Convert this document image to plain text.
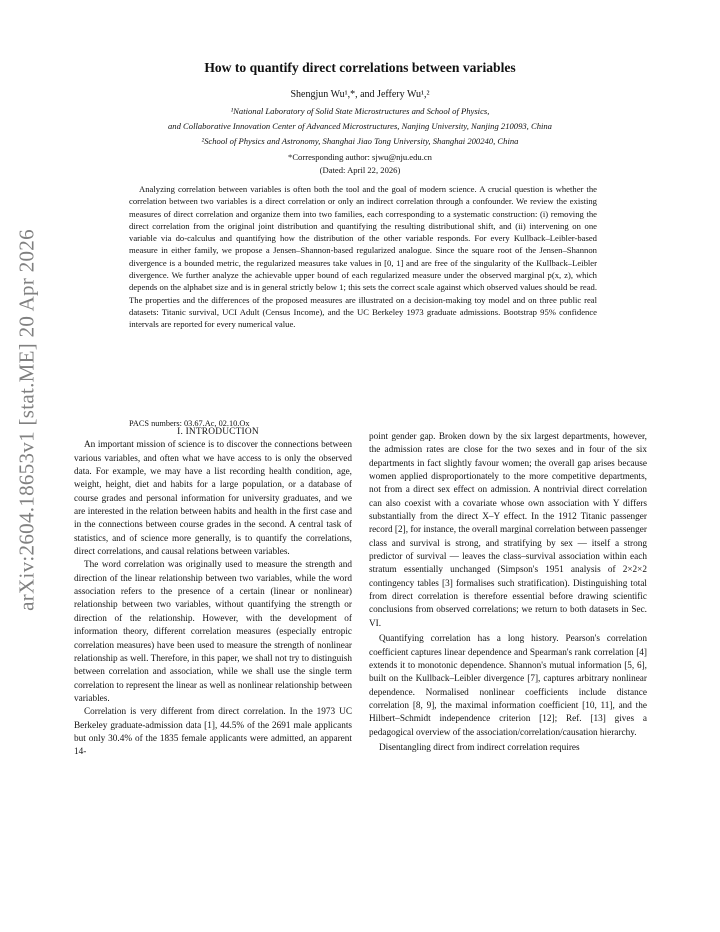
arXiv:2604.18653v1 [stat.ME] 20 Apr 2026
How to quantify direct correlations between variables
Shengjun Wu¹,*, and Jeffery Wu¹,²
¹National Laboratory of Solid State Microstructures and School of Physics,
and Collaborative Innovation Center of Advanced Microstructures, Nanjing University, Nanjing 210093, China
²School of Physics and Astronomy, Shanghai Jiao Tong University, Shanghai 200240, China
*Corresponding author: sjwu@nju.edu.cn
(Dated: April 22, 2026)

Analyzing correlation between variables is often both the tool and the goal of modern science. A crucial question is whether the correlation between two variables is a direct correlation or only an indirect correlation through a confounder. We review the existing measures of direct correlation and organize them into two families, each corresponding to a systematic construction: (i) removing the direct correlation from the original joint distribution and quantifying the resulting distributional shift, and (ii) intervening on one variable via do-calculus and quantifying how the distribution of the other variable responds. For every Kullback–Leibler-based measure in either family, we propose a Jensen–Shannon-based regularized analogue. Since the square root of the Jensen–Shannon divergence is a bounded metric, the regularized measures take values in [0, 1] and are free of the singularity of the Kullback–Leibler divergence. We further analyze the achievable upper bound of each regularized measure under the observed marginal p(x, z), which depends on the alphabet size and is in general strictly below 1; this sets the correct scale against which observed values should be read. The properties and the differences of the proposed measures are illustrated on a decision-making toy model and on three public real datasets: Titanic survival, UCI Adult (Census Income), and the UC Berkeley 1973 graduate admissions. Bootstrap 95% confidence intervals are reported for every numerical value.

PACS numbers: 03.67.Ac, 02.10.Ox

I. INTRODUCTION

An important mission of science is to discover the connections between various variables, and often what we have access to is only the observed data. For example, we may have a list recording health condition, age, weight, height, diet and habits for a large population, or a database of course grades and personal information for university graduates, and we are interested in the relation between habits and health in the first case and in the connections between course grades in the second. A central task of statistics, and of science more generally, is to quantify the correlations, direct correlations, and causal relations between variables.

The word correlation was originally used to measure the strength and direction of the linear relationship between two variables, while the word association refers to the presence of a certain (linear or nonlinear) relationship between two variables, without quantifying the strength or direction of the relationship. However, with the development of information theory, different correlation measures (especially entropic correlation measures) have been used to measure the strength of nonlinear relationship as well. Therefore, in this paper, we shall not try to distinguish between correlation and association, while we shall use the single term correlation to represent the linear as well as nonlinear relationship between variables.

Correlation is very different from direct correlation. In the 1973 UC Berkeley graduate-admission data [1], 44.5% of the 2691 male applicants but only 30.4% of the 1835 female applicants were admitted, an apparent 14-

point gender gap. Broken down by the six largest departments, however, the admission rates are close for the two sexes and in four of the six departments in fact slightly favour women; the overall gap arises because women applied disproportionately to the more competitive departments, not from a direct sex effect on admission. A nontrivial direct correlation can also coexist with a covariate whose own association with Y differs substantially from the direct X–Y effect. In the 1912 Titanic passenger record [2], for instance, the overall marginal correlation between passenger class and survival is strong, and stratifying by sex — itself a strong predictor of survival — leaves the class–survival association within each stratum essentially unchanged (Simpson's 1951 analysis of 2×2×2 contingency tables [3] formalises such stratification). Distinguishing total from direct correlation is therefore essential before drawing scientific conclusions from observed correlations; we return to both datasets in Sec. VI.

Quantifying correlation has a long history. Pearson's correlation coefficient captures linear dependence and Spearman's rank correlation [4] extends it to monotonic dependence. Shannon's mutual information [5, 6], built on the Kullback–Leibler divergence [7], captures arbitrary nonlinear dependence. Normalised nonlinear coefficients include distance correlation [8, 9], the maximal information coefficient [10, 11], and the Hilbert–Schmidt independence criterion [12]; Ref. [13] gives a pedagogical overview of the association/correlation/causation hierarchy.

Disentangling direct from indirect correlation requires
